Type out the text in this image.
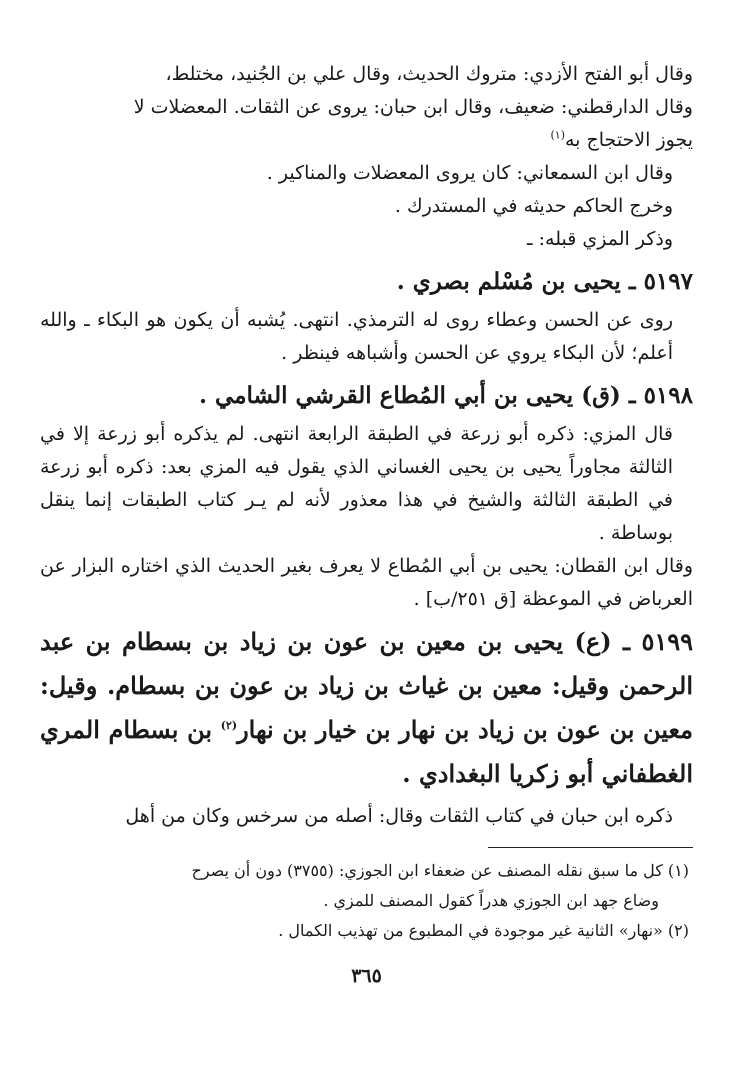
وقال أبو الفتح الأزدي: متروك الحديث، وقال علي بن الجُنيد، مختلط،

وقال الدارقطني: ضعيف، وقال ابن حبان: يروى عن الثقات. المعضلات لا

يجوز الاحتجاج به$^{(١)}$

وقال ابن السمعاني: كان يروى المعضلات والمناكير .

وخرج الحاكم حديثه في المستدرك .

وذكر المزي قبله: ـ

٥١٩٧ ـ يحيى بن مُسْلم بصري .

روى عن الحسن وعطاء روى له الترمذي. انتهى. يُشبه أن يكون هو البكاء ـ والله أعلم؛ لأن البكاء يروي عن الحسن وأشباهه فينظر .

٥١٩٨ ـ (ق) يحيى بن أبي المُطاع القرشي الشامي .

قال المزي: ذكره أبو زرعة في الطبقة الرابعة انتهى. لم يذكره أبو زرعة إلا في الثالثة مجاوراً يحيى بن يحيى الغساني الذي يقول فيه المزي بعد: ذكره أبو زرعة في الطبقة الثالثة والشيخ في هذا معذور لأنه لم يـر كتاب الطبقات إنما ينقل بوساطة .

وقال ابن القطان: يحيى بن أبي المُطاع لا يعرف بغير الحديث الذي اختاره البزار عن العرباض في الموعظة [ق ٢٥١/ب] .

٥١٩٩ ـ (ع) يحيى بن معين بن عون بن زياد بن بسطام بن عبد الرحمن وقيل: معين بن غياث بن زياد بن عون بن بسطام. وقيل: معين بن عون بن زياد بن نهار بن خيار بن نهار$^{(٢)}$ بن بسطام المري الغطفاني أبو زكريا البغدادي .

ذكره ابن حبان في كتاب الثقات وقال: أصله من سرخس وكان من أهل

(١) كل ما سبق نقله المصنف عن ضعفاء ابن الجوزي: (٣٧٥٥) دون أن يصرح

وضاع جهد ابن الجوزي هدراً كقول المصنف للمزي .

(٢) «نهار» الثانية غير موجودة في المطبوع من تهذيب الكمال .

٣٦٥
